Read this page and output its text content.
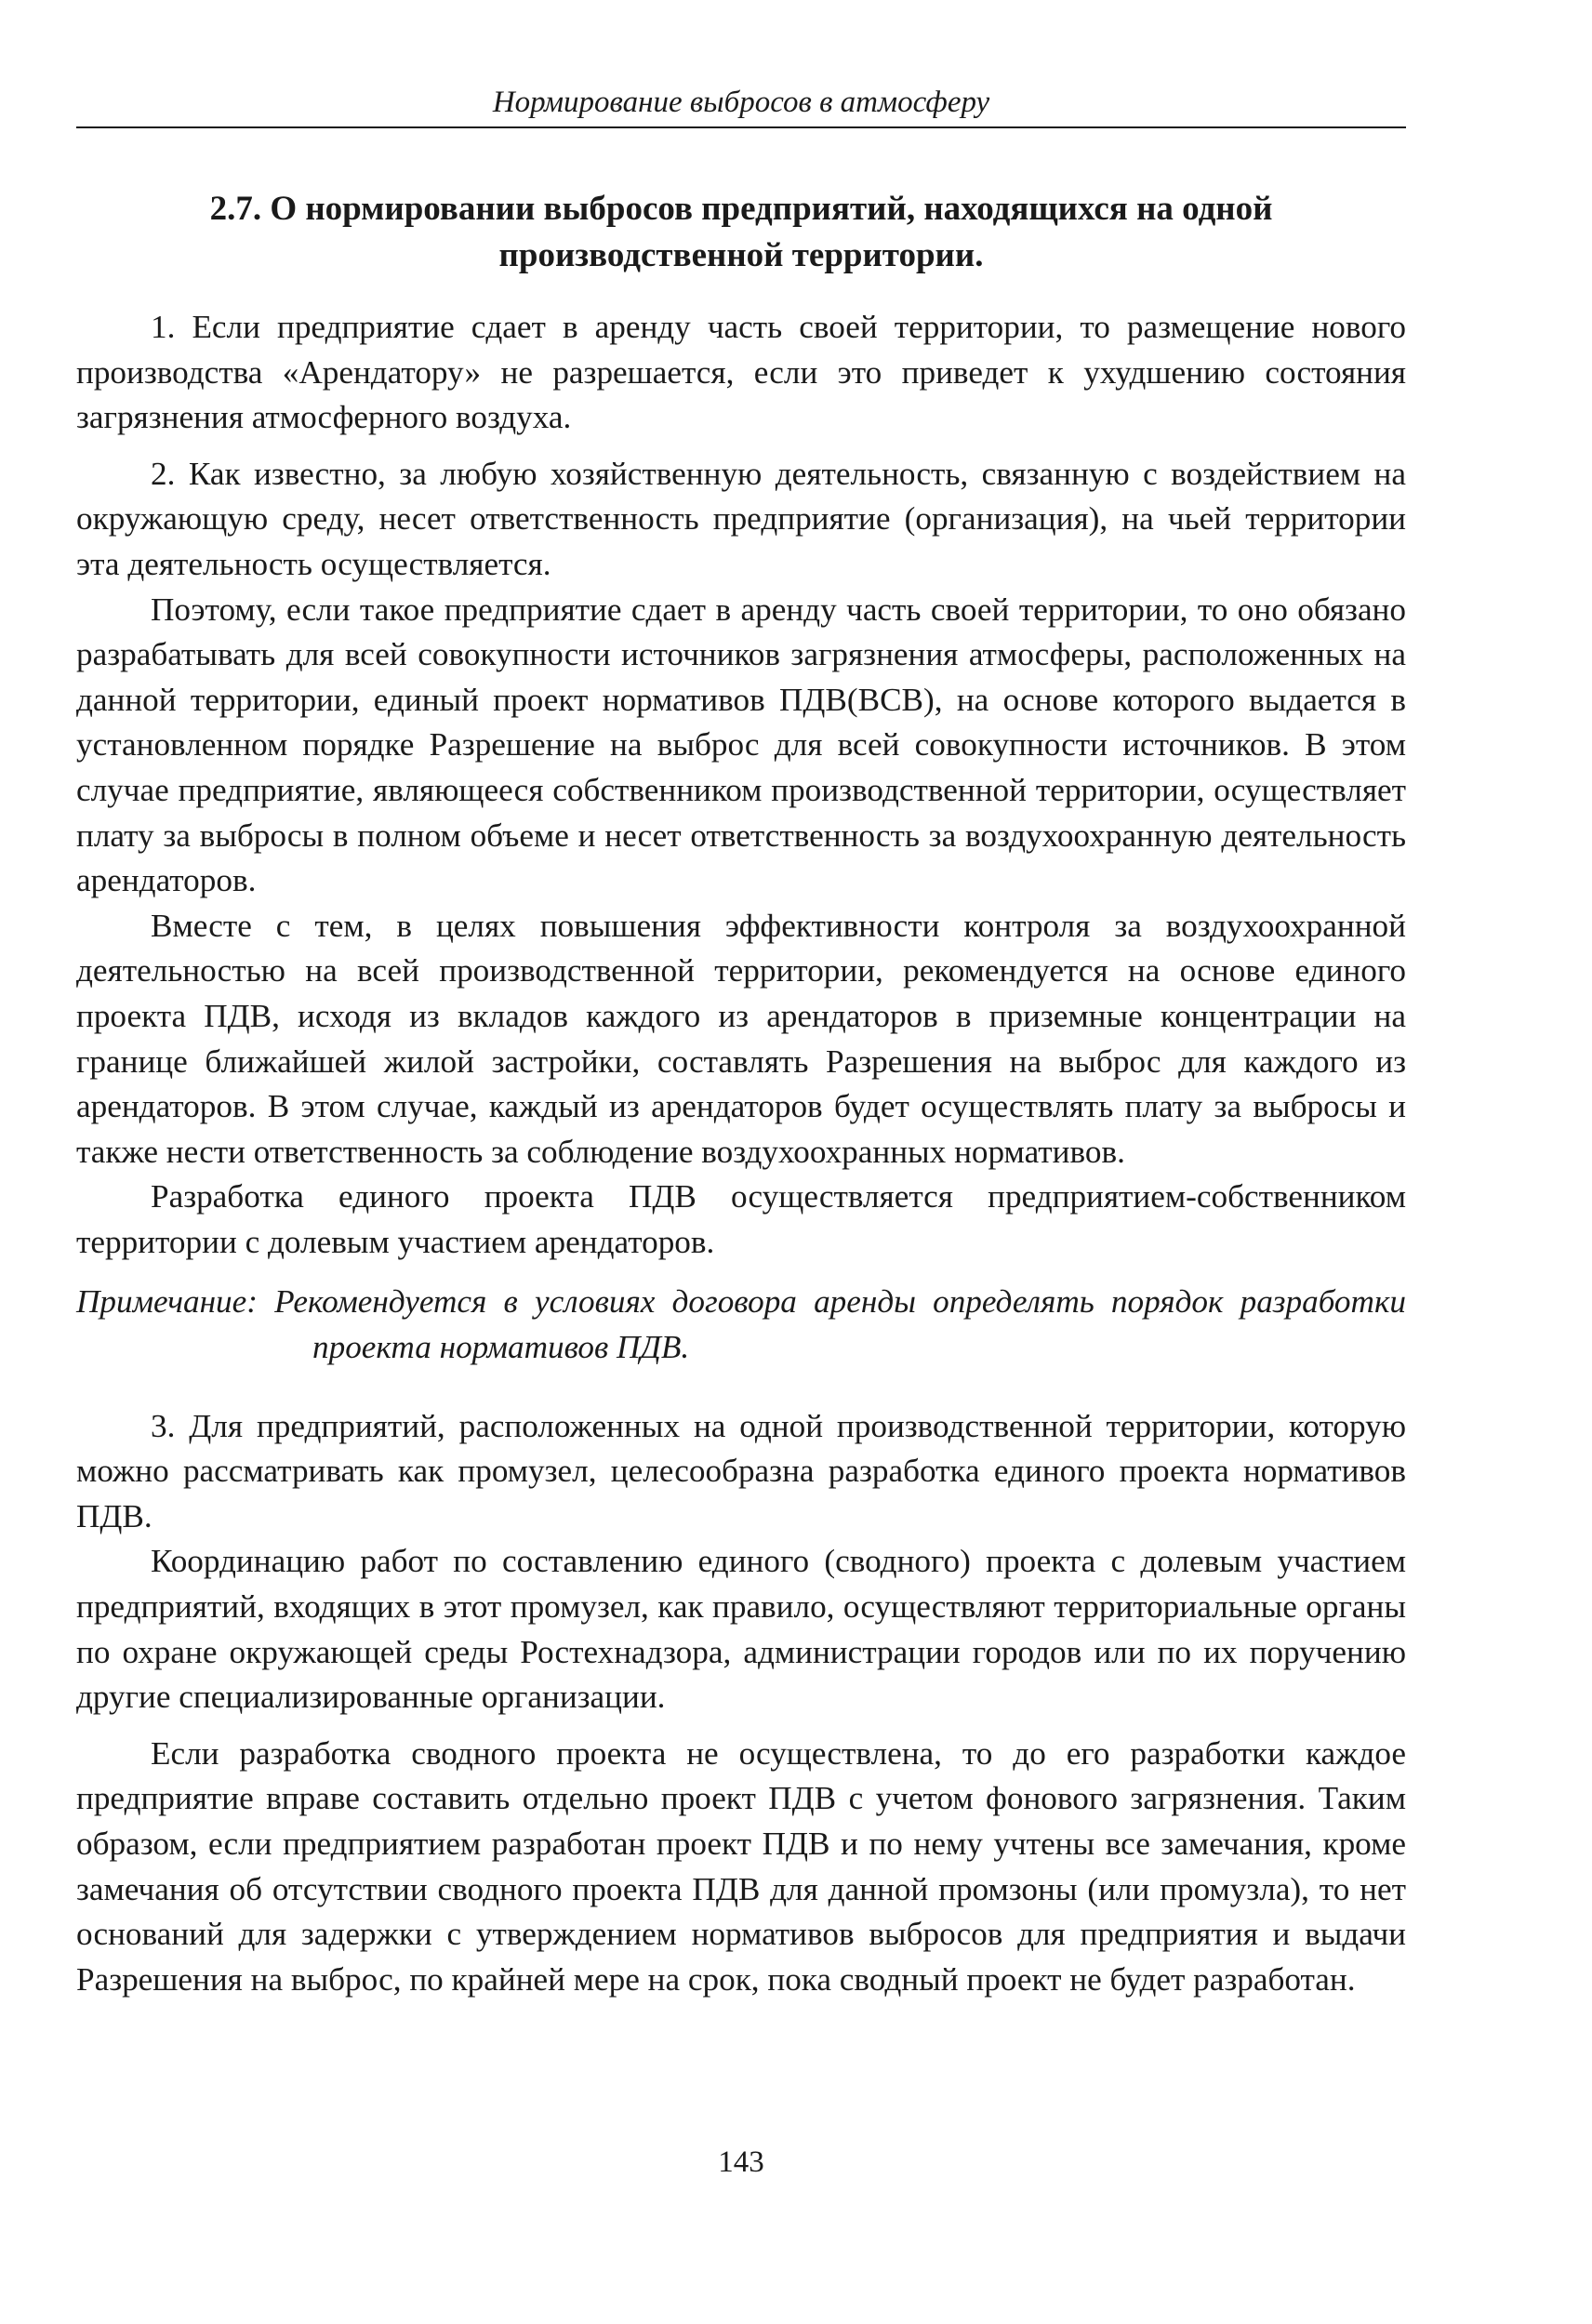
Нормирование выбросов в атмосферу
2.7. О нормировании выбросов предприятий, находящихся на одной производственной территории.

1. Если предприятие сдает в аренду часть своей территории, то размещение нового производства «Арендатору» не разрешается, если это приведет к ухудшению состояния загрязнения атмосферного воздуха.

2. Как известно, за любую хозяйственную деятельность, связанную с воздействием на окружающую среду, несет ответственность предприятие (организация), на чьей территории эта деятельность осуществляется.

Поэтому, если такое предприятие сдает в аренду часть своей территории, то оно обязано разрабатывать для всей совокупности источников загрязнения атмосферы, расположенных на данной территории, единый проект нормативов ПДВ(ВСВ), на основе которого выдается в установленном порядке Разрешение на выброс для всей совокупности источников. В этом случае предприятие, являющееся собственником производственной территории, осуществляет плату за выбросы в полном объеме и несет ответственность за воздухоохранную деятельность арендаторов.

Вместе с тем, в целях повышения эффективности контроля за воздухоохранной деятельностью на всей производственной территории, рекомендуется на основе единого проекта ПДВ, исходя из вкладов каждого из арендаторов в приземные концентрации на границе ближайшей жилой застройки, составлять Разрешения на выброс для каждого из арендаторов. В этом случае, каждый из арендаторов будет осуществлять плату за выбросы и также нести ответственность за соблюдение воздухоохранных нормативов.

Разработка единого проекта ПДВ осуществляется предприятием-собственником территории с долевым участием арендаторов.

Примечание: Рекомендуется в условиях договора аренды определять порядок разработки проекта нормативов ПДВ.

3. Для предприятий, расположенных на одной производственной территории, которую можно рассматривать как промузел, целесообразна разработка единого проекта нормативов ПДВ.

Координацию работ по составлению единого (сводного) проекта с долевым участием предприятий, входящих в этот промузел, как правило, осуществляют территориальные органы по охране окружающей среды Ростехнадзора, администрации городов или по их поручению другие специализированные организации.

Если разработка сводного проекта не осуществлена, то до его разработки каждое предприятие вправе составить отдельно проект ПДВ с учетом фонового загрязнения. Таким образом, если предприятием разработан проект ПДВ и по нему учтены все замечания, кроме замечания об отсутствии сводного проекта ПДВ для данной промзоны (или промузла), то нет оснований для задержки с утверждением нормативов выбросов для предприятия и выдачи Разрешения на выброс, по крайней мере на срок, пока сводный проект не будет разработан.

143
